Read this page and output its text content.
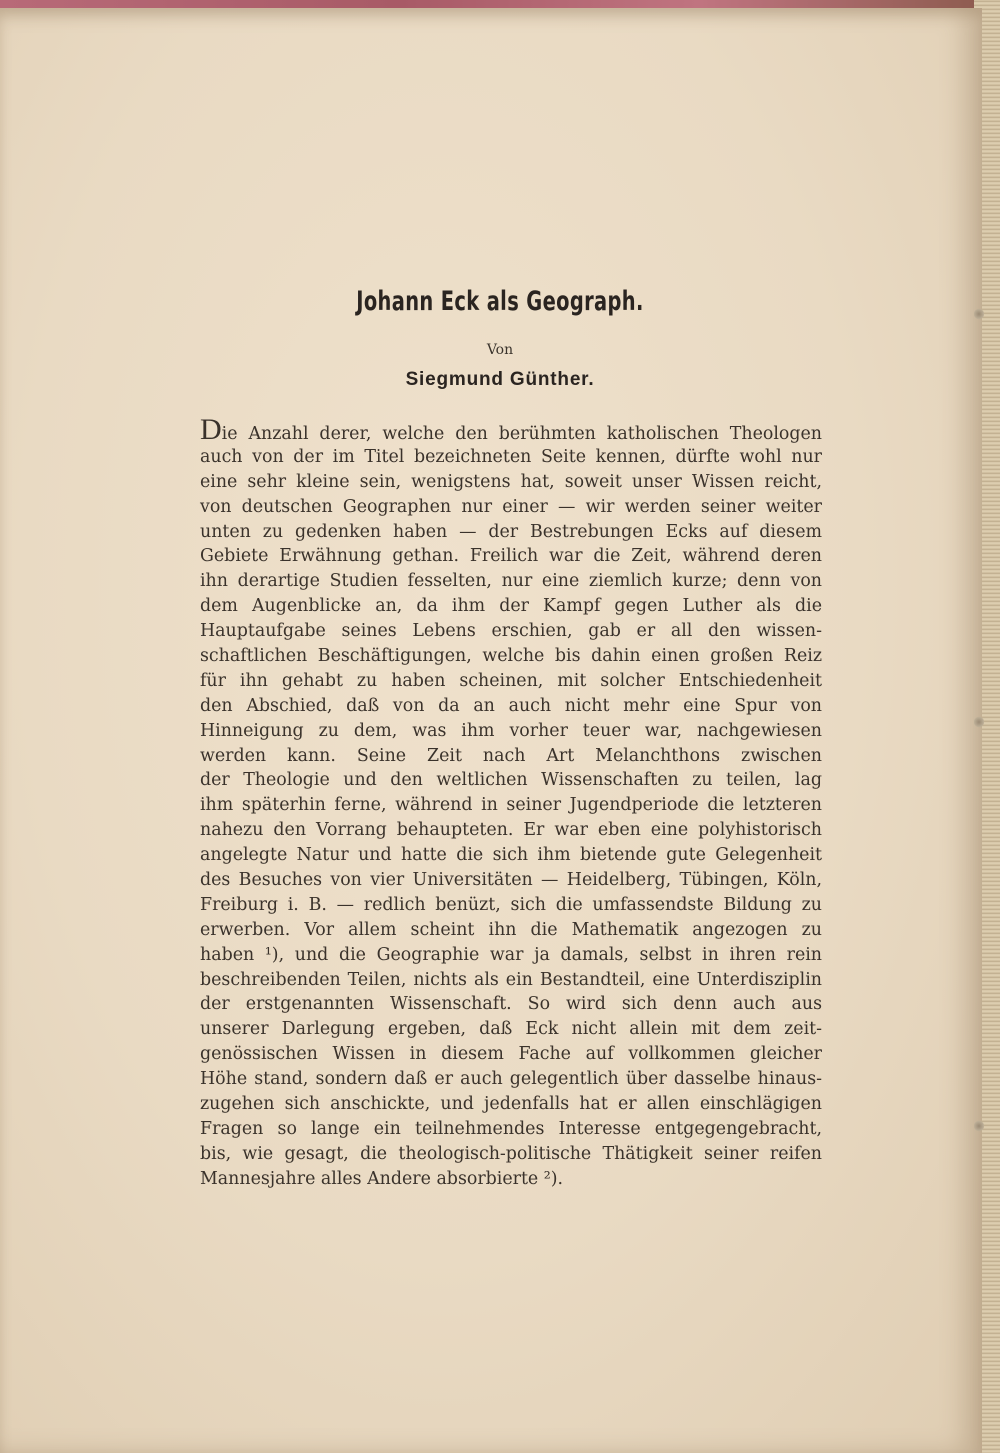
Johann Eck als Geograph.
Von
Siegmund Günther.
Die Anzahl derer, welche den berühmten katholischen Theologen
auch von der im Titel bezeichneten Seite kennen, dürfte wohl nur
eine sehr kleine sein, wenigstens hat, soweit unser Wissen reicht,
von deutschen Geographen nur einer — wir werden seiner weiter
unten zu gedenken haben — der Bestrebungen Ecks auf diesem
Gebiete Erwähnung gethan. Freilich war die Zeit, während deren
ihn derartige Studien fesselten, nur eine ziemlich kurze; denn von
dem Augenblicke an, da ihm der Kampf gegen Luther als die
Hauptaufgabe seines Lebens erschien, gab er all den wissen-
schaftlichen Beschäftigungen, welche bis dahin einen großen Reiz
für ihn gehabt zu haben scheinen, mit solcher Entschiedenheit
den Abschied, daß von da an auch nicht mehr eine Spur von
Hinneigung zu dem, was ihm vorher teuer war, nachgewiesen
werden kann. Seine Zeit nach Art Melanchthons zwischen
der Theologie und den weltlichen Wissenschaften zu teilen, lag
ihm späterhin ferne, während in seiner Jugendperiode die letzteren
nahezu den Vorrang behaupteten. Er war eben eine polyhistorisch
angelegte Natur und hatte die sich ihm bietende gute Gelegenheit
des Besuches von vier Universitäten — Heidelberg, Tübingen, Köln,
Freiburg i. B. — redlich benüzt, sich die umfassendste Bildung zu
erwerben. Vor allem scheint ihn die Mathematik angezogen zu
haben ¹), und die Geographie war ja damals, selbst in ihren rein
beschreibenden Teilen, nichts als ein Bestandteil, eine Unterdisziplin
der erstgenannten Wissenschaft. So wird sich denn auch aus
unserer Darlegung ergeben, daß Eck nicht allein mit dem zeit-
genössischen Wissen in diesem Fache auf vollkommen gleicher
Höhe stand, sondern daß er auch gelegentlich über dasselbe hinaus-
zugehen sich anschickte, und jedenfalls hat er allen einschlägigen
Fragen so lange ein teilnehmendes Interesse entgegengebracht,
bis, wie gesagt, die theologisch-politische Thätigkeit seiner reifen
Mannesjahre alles Andere absorbierte ²).
